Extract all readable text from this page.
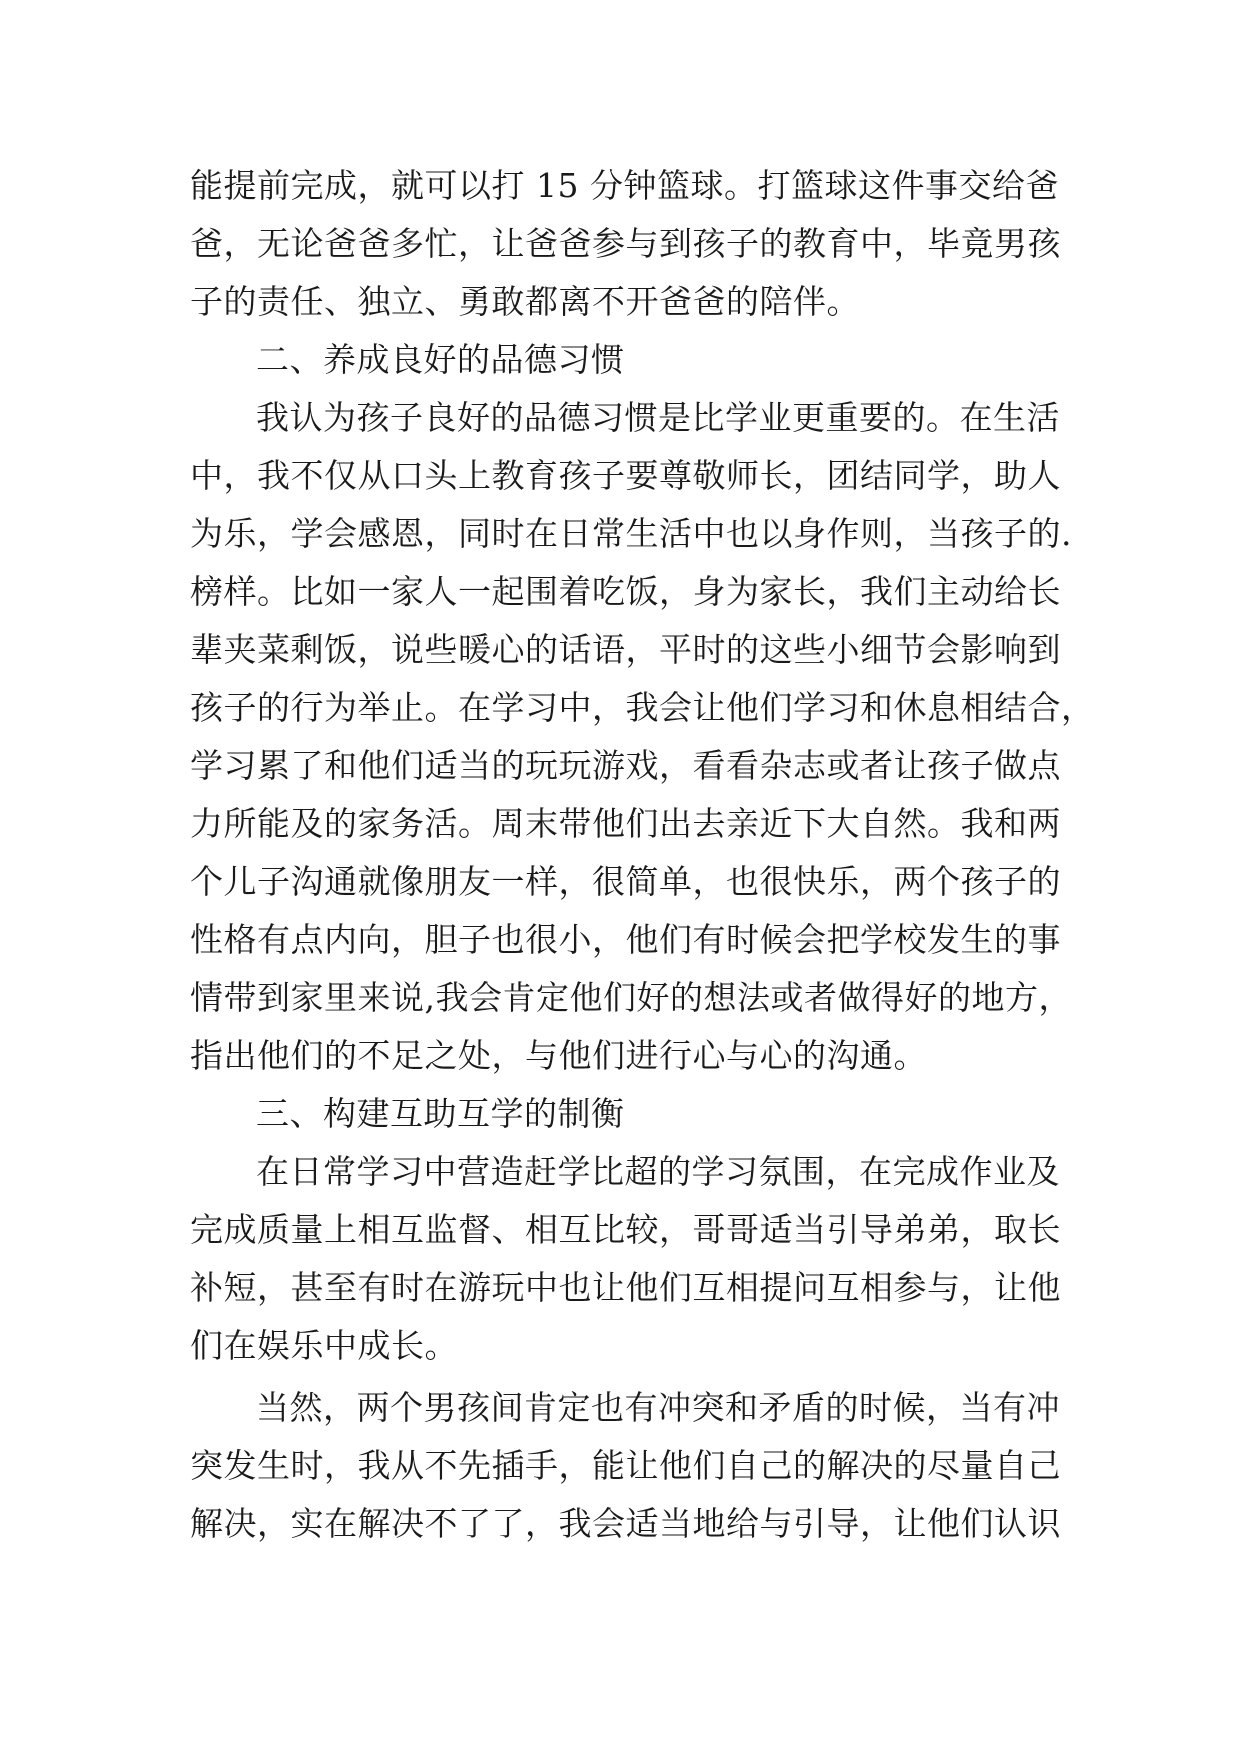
能提前完成，就可以打 15 分钟篮球。打篮球这件事交给爸
爸，无论爸爸多忙，让爸爸参与到孩子的教育中，毕竟男孩
子的责任、独立、勇敢都离不开爸爸的陪伴。
二、养成良好的品德习惯
我认为孩子良好的品德习惯是比学业更重要的。在生活
中，我不仅从口头上教育孩子要尊敬师长，团结同学，助人
为乐，学会感恩，同时在日常生活中也以身作则，当孩子的.
榜样。比如一家人一起围着吃饭，身为家长，我们主动给长
辈夹菜剩饭，说些暖心的话语，平时的这些小细节会影响到
孩子的行为举止。在学习中，我会让他们学习和休息相结合，
学习累了和他们适当的玩玩游戏，看看杂志或者让孩子做点
力所能及的家务活。周末带他们出去亲近下大自然。我和两
个儿子沟通就像朋友一样，很简单，也很快乐，两个孩子的
性格有点内向，胆子也很小，他们有时候会把学校发生的事
情带到家里来说,我会肯定他们好的想法或者做得好的地方，
指出他们的不足之处，与他们进行心与心的沟通。
三、构建互助互学的制衡
在日常学习中营造赶学比超的学习氛围，在完成作业及
完成质量上相互监督、相互比较，哥哥适当引导弟弟，取长
补短，甚至有时在游玩中也让他们互相提问互相参与，让他
们在娱乐中成长。
当然，两个男孩间肯定也有冲突和矛盾的时候，当有冲
突发生时，我从不先插手，能让他们自己的解决的尽量自己
解决，实在解决不了了，我会适当地给与引导，让他们认识
